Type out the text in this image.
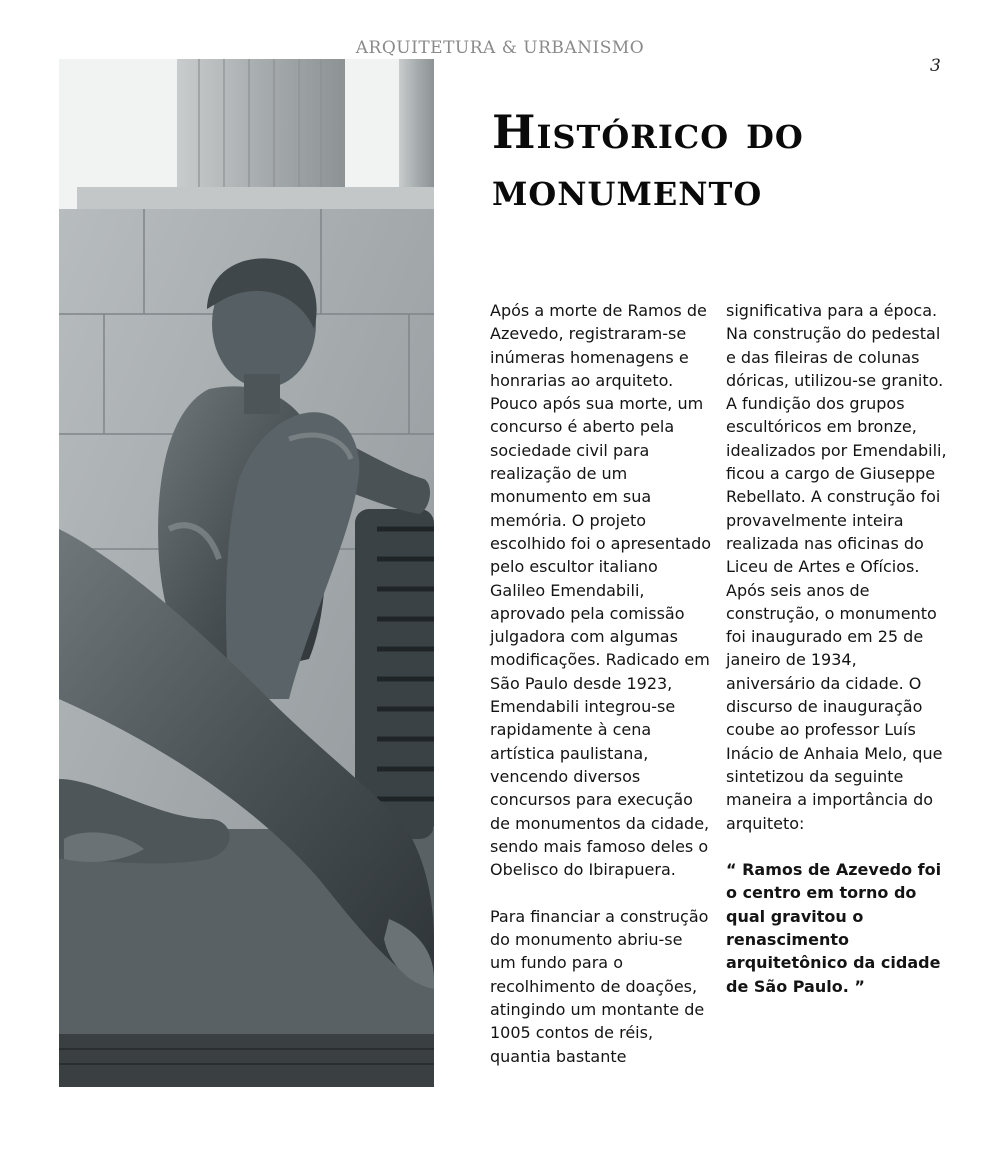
ARQUITETURA & URBANISMO
3
Histórico do monumento

Após a morte de Ramos de Azevedo, registraram-se inúmeras homenagens e honrarias ao arquiteto. Pouco após sua morte, um concurso é aberto pela sociedade civil para realização de um monumento em sua memória. O projeto escolhido foi o apresentado pelo escultor italiano Galileo Emendabili, aprovado pela comissão julgadora com algumas modificações. Radicado em São Paulo desde 1923, Emendabili integrou-se rapidamente à cena artística paulistana, vencendo diversos concursos para execução de monumentos da cidade, sendo mais famoso deles o Obelisco do Ibirapuera.

Para financiar a construção do monumento abriu-se um fundo para o recolhimento de doações, atingindo um montante de 1005 contos de réis, quantia bastante

significativa para a época. Na construção do pedestal e das fileiras de colunas dóricas, utilizou-se granito. A fundição dos grupos escultóricos em bronze, idealizados por Emendabili, ficou a cargo de Giuseppe Rebellato. A construção foi provavelmente inteira realizada nas oficinas do Liceu de Artes e Ofícios. Após seis anos de construção, o monumento foi inaugurado em 25 de janeiro de 1934, aniversário da cidade. O discurso de inauguração coube ao professor Luís Inácio de Anhaia Melo, que sintetizou da seguinte maneira a importância do arquiteto:

“ Ramos de Azevedo foi o centro em torno do qual gravitou o renascimento arquitetônico da cidade de São Paulo. ”
